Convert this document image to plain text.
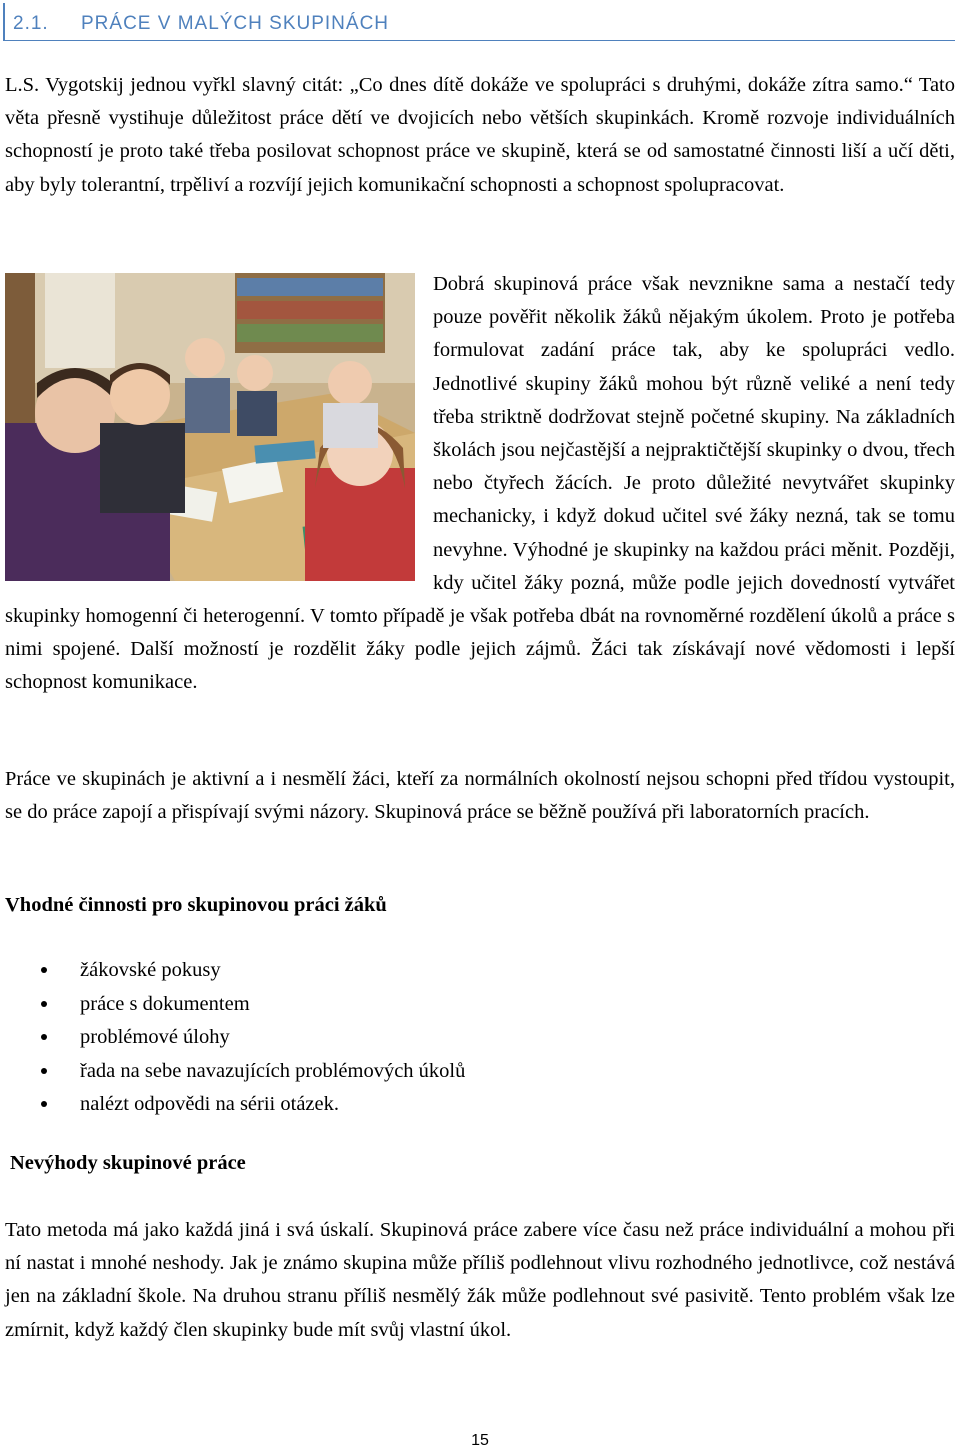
2.1. PRÁCE V MALÝCH SKUPINÁCH

L.S. Vygotskij jednou vyřkl slavný citát: „Co dnes dítě dokáže ve spolupráci s druhými, dokáže zítra samo.“ Tato věta přesně vystihuje důležitost práce dětí ve dvojicích nebo větších skupinkách. Kromě rozvoje individuálních schopností je proto také třeba posilovat schopnost práce ve skupině, která se od samostatné činnosti liší a učí děti, aby byly tolerantní, trpěliví a rozvíjí jejich komunikační schopnosti a schopnost spolupracovat.

Dobrá skupinová práce však nevznikne sama a nestačí tedy pouze pověřit několik žáků nějakým úkolem. Proto je potřeba formulovat zadání práce tak, aby ke spolupráci vedlo. Jednotlivé skupiny žáků mohou být různě veliké a není tedy třeba striktně dodržovat stejně početné skupiny. Na základních školách jsou nejčastější a nejpraktičtější skupinky o dvou, třech nebo čtyřech žácích. Je proto důležité nevytvářet skupinky mechanicky, i když dokud učitel své žáky nezná, tak se tomu nevyhne. Výhodné je skupinky na každou práci měnit. Později, kdy učitel žáky pozná, může podle jejich dovedností vytvářet skupinky homogenní či heterogenní. V tomto případě je však potřeba dbát na rovnoměrné rozdělení úkolů a práce s nimi spojené. Další možností je rozdělit žáky podle jejich zájmů. Žáci tak získávají nové vědomosti i lepší schopnost komunikace.

Práce ve skupinách je aktivní a i nesmělí žáci, kteří za normálních okolností nejsou schopni před třídou vystoupit, se do práce zapojí a přispívají svými názory. Skupinová práce se běžně používá při laboratorních pracích.

Vhodné činnosti pro skupinovou práci žáků

žákovské pokusy
práce s dokumentem
problémové úlohy
řada na sebe navazujících problémových úkolů
nalézt odpovědi na sérii otázek.

Nevýhody skupinové práce

Tato metoda má jako každá jiná i svá úskalí. Skupinová práce zabere více času než práce individuální a mohou při ní nastat i mnohé neshody. Jak je známo skupina může příliš podlehnout vlivu rozhodného jednotlivce, což nestává jen na základní škole. Na druhou stranu příliš nesmělý žák může podlehnout své pasivitě. Tento problém však lze zmírnit, když každý člen skupinky bude mít svůj vlastní úkol.

15
